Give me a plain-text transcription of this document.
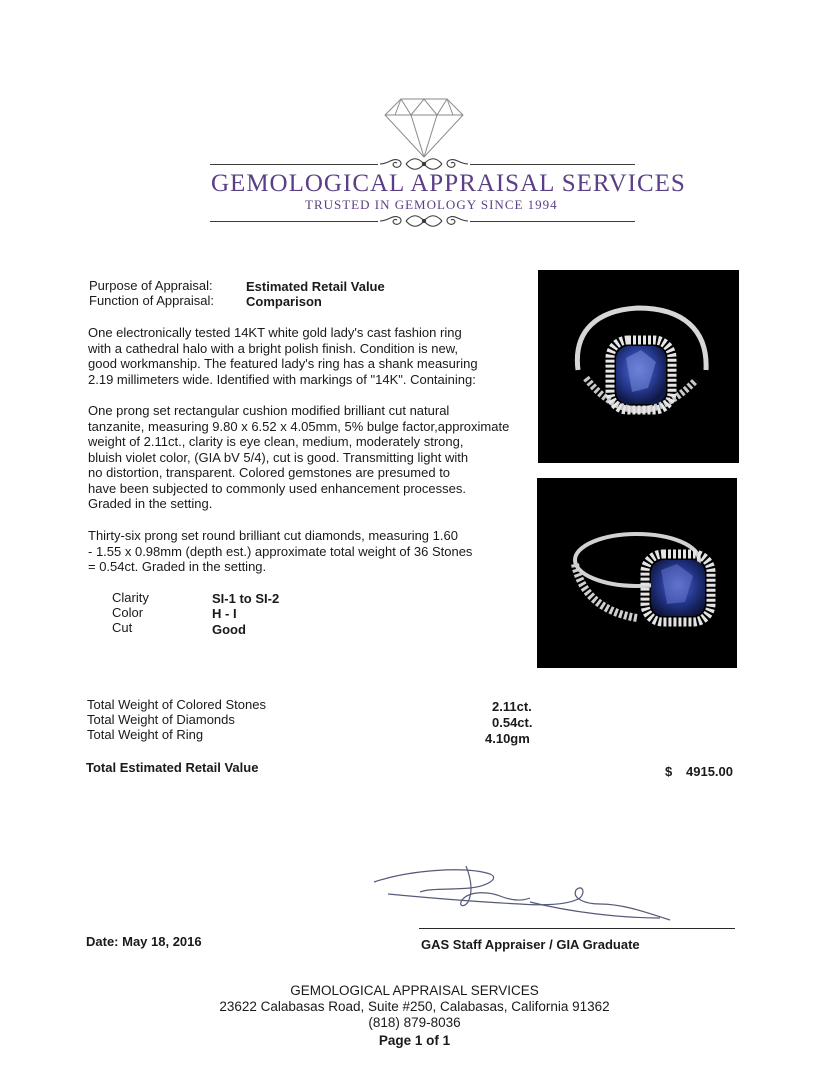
GEMOLOGICAL APPRAISAL SERVICES
TRUSTED IN GEMOLOGY SINCE 1994
Purpose of Appraisal:	Estimated Retail Value
Function of Appraisal: Comparison
One electronically tested 14KT white gold lady's cast fashion ring
with a cathedral halo with a bright polish finish. Condition is new,
good workmanship. The featured lady's ring has a shank measuring
2.19 millimeters wide. Identified with markings of "14K". Containing:
One prong set rectangular cushion modified brilliant cut natural
tanzanite, measuring 9.80 x 6.52 x 4.05mm, 5% bulge factor,approximate
weight of 2.11ct., clarity is eye clean, medium, moderately strong,
bluish violet color, (GIA bV 5/4), cut is good. Transmitting light with
no distortion, transparent. Colored gemstones are presumed to
have been subjected to commonly used enhancement processes.
Graded in the setting.
Thirty-six prong set round brilliant cut diamonds, measuring 1.60
- 1.55 x 0.98mm (depth est.) approximate total weight of 36 Stones
= 0.54ct. Graded in the setting.
Clarity	SI-1 to SI-2
Color	H - I
Cut	Good
Total Weight of Colored Stones	2.11ct.
Total Weight of Diamonds	0.54ct.
Total Weight of Ring	4.10gm
Total Estimated Retail Value	$ 4915.00
Date: May 18, 2016	GAS Staff Appraiser / GIA Graduate
GEMOLOGICAL APPRAISAL SERVICES
23622 Calabasas Road, Suite #250, Calabasas, California 91362
(818) 879-8036
Page 1 of 1
